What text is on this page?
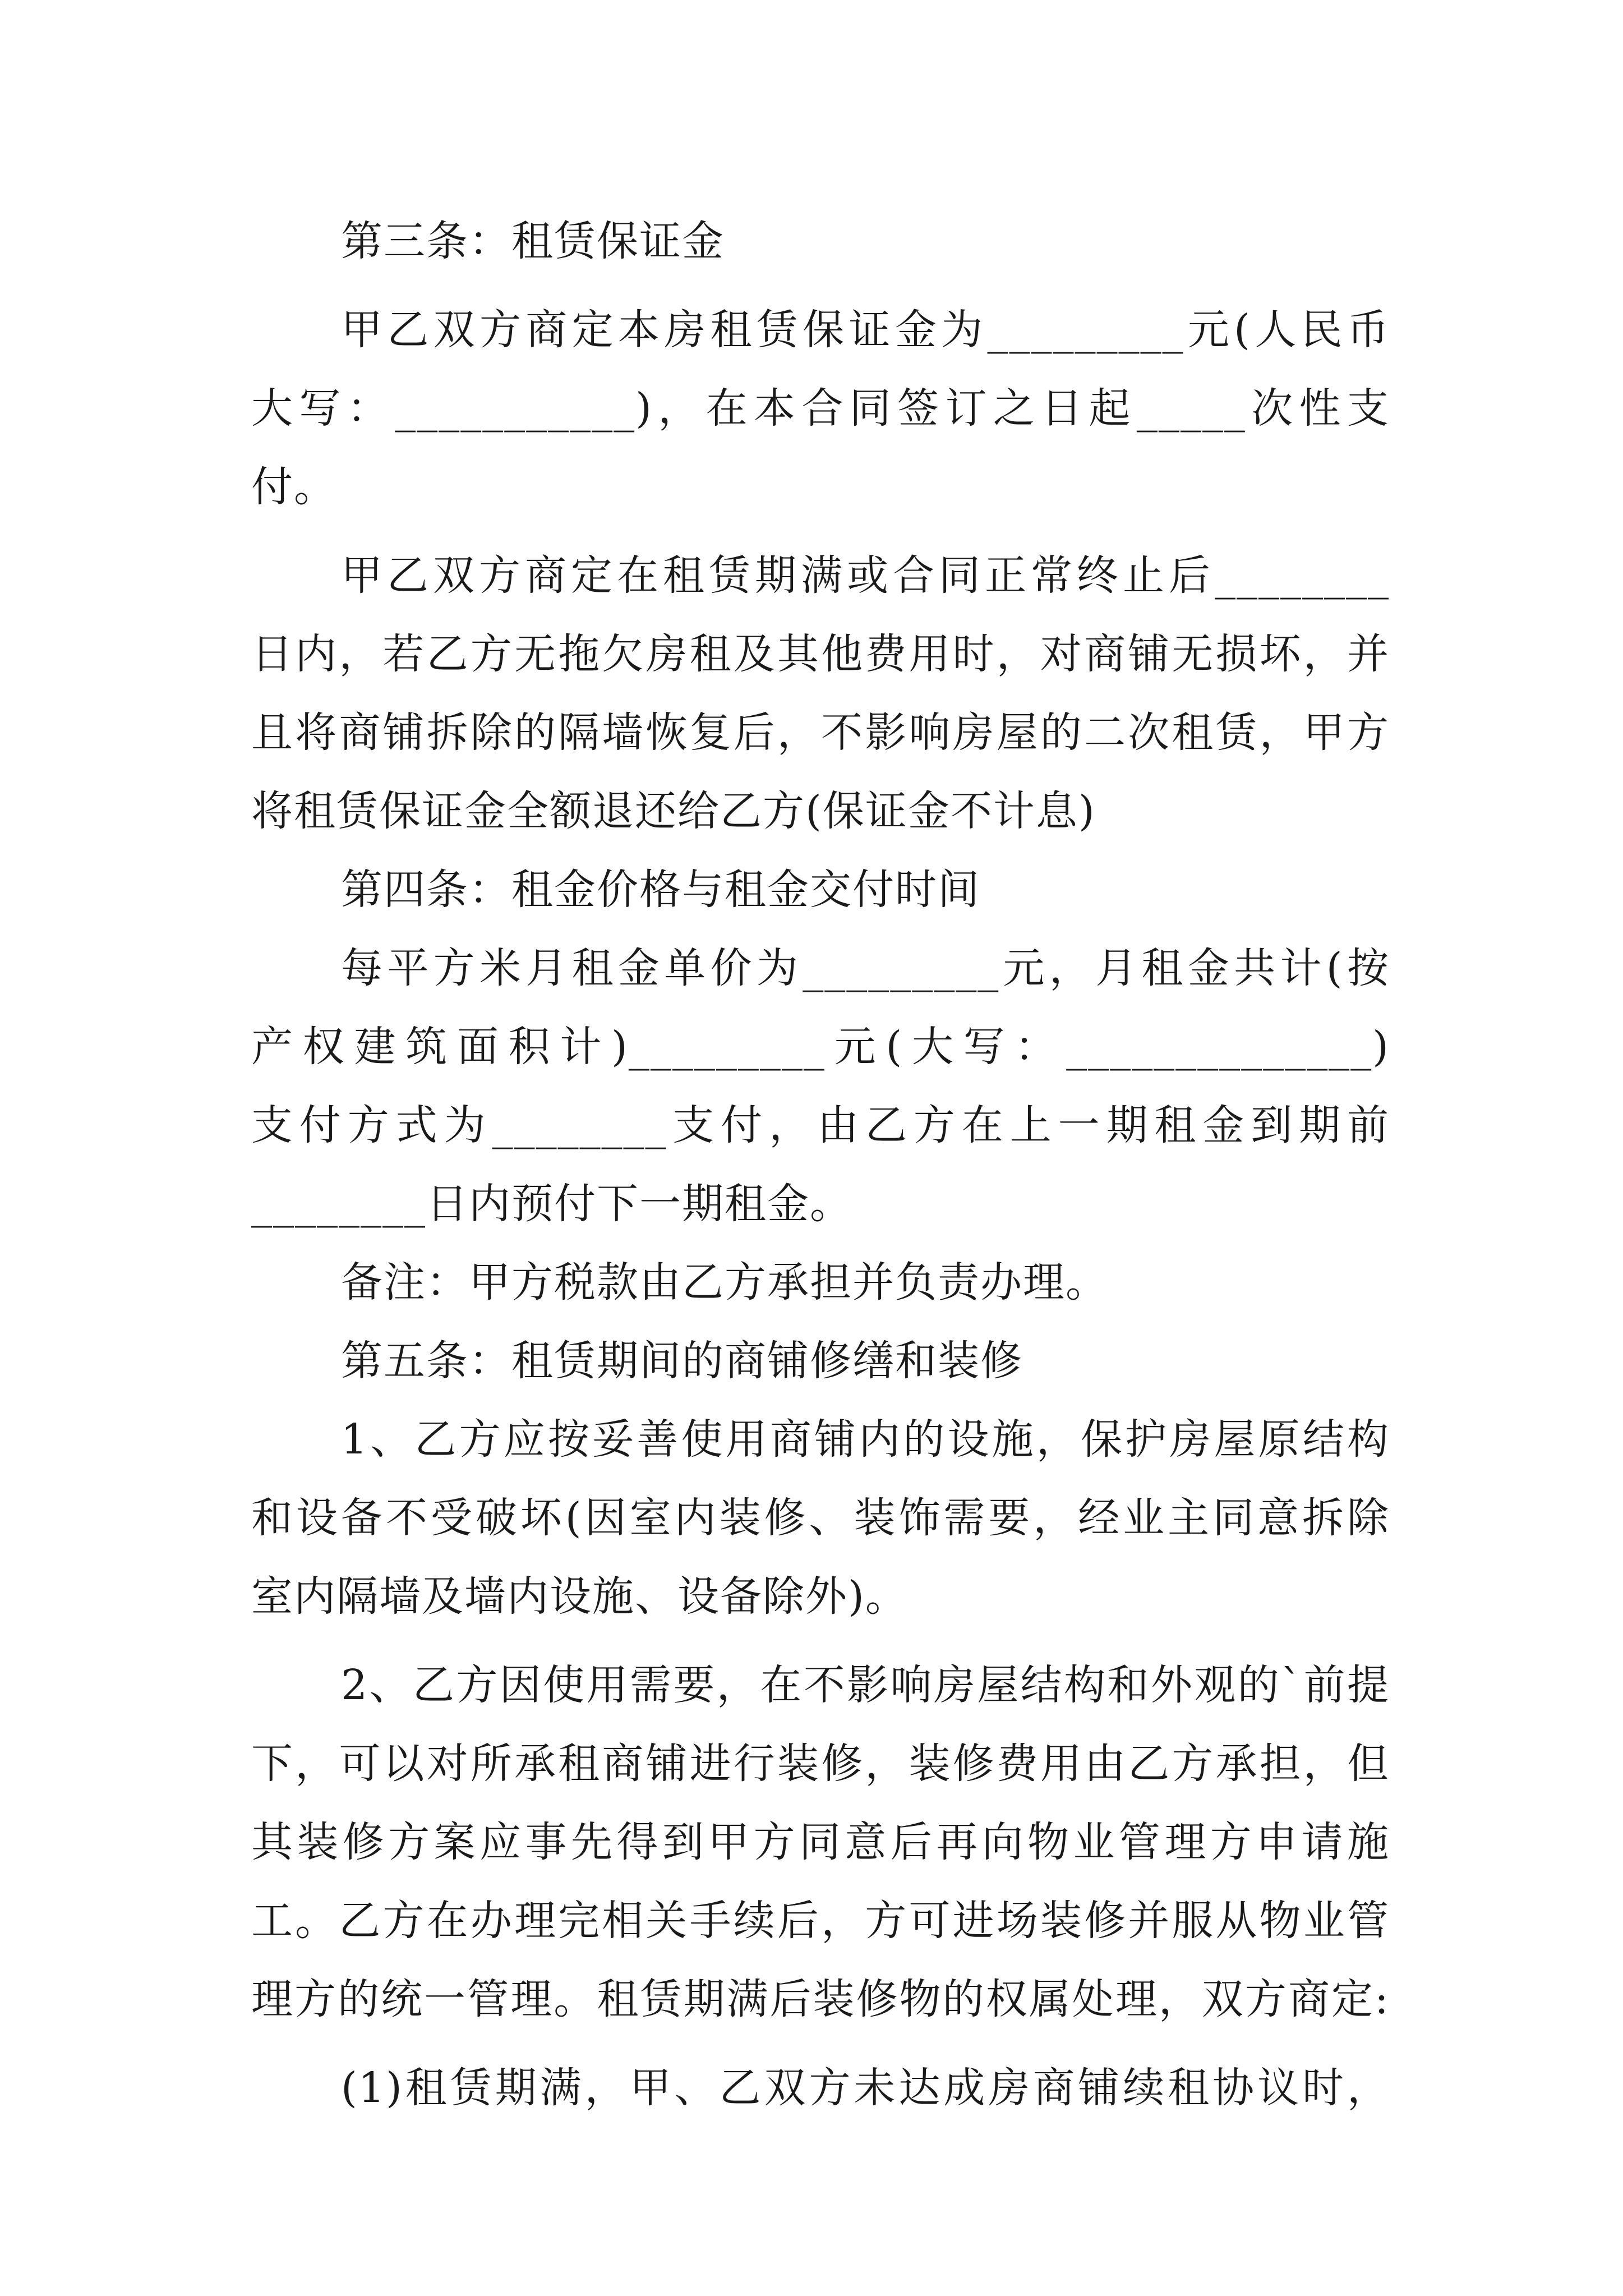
第三条：租赁保证金
甲乙双方商定本房租赁保证金为_________元(人民币
大写：___________)，在本合同签订之日起_____次性支
付。
甲乙双方商定在租赁期满或合同正常终止后________
日内，若乙方无拖欠房租及其他费用时，对商铺无损坏，并
且将商铺拆除的隔墙恢复后，不影响房屋的二次租赁，甲方
将租赁保证金全额退还给乙方(保证金不计息)
第四条：租金价格与租金交付时间
每平方米月租金单价为_________元，月租金共计(按
产权建筑面积计)_________元(大写：______________)
支付方式为________支付，由乙方在上一期租金到期前
________日内预付下一期租金。
备注：甲方税款由乙方承担并负责办理。
第五条：租赁期间的商铺修缮和装修
1、乙方应按妥善使用商铺内的设施，保护房屋原结构
和设备不受破坏(因室内装修、装饰需要，经业主同意拆除
室内隔墙及墙内设施、设备除外)。
2、乙方因使用需要，在不影响房屋结构和外观的`前提
下，可以对所承租商铺进行装修，装修费用由乙方承担，但
其装修方案应事先得到甲方同意后再向物业管理方申请施
工。乙方在办理完相关手续后，方可进场装修并服从物业管
理方的统一管理。租赁期满后装修物的权属处理，双方商定:
(1)租赁期满，甲、乙双方未达成房商铺续租协议时，
